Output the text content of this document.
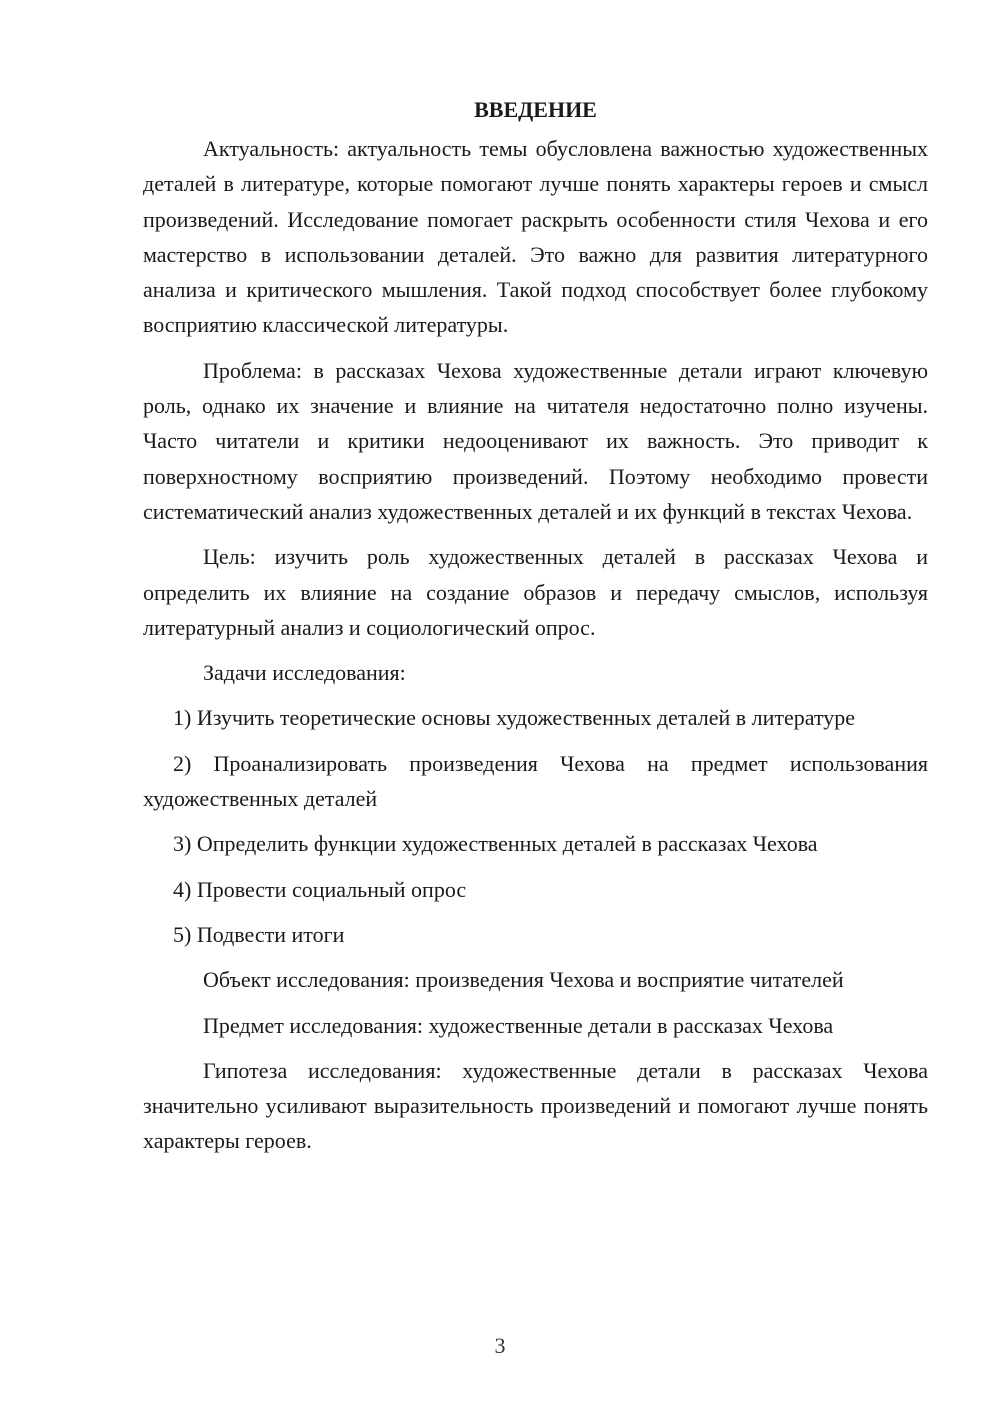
ВВЕДЕНИЕ

Актуальность: актуальность темы обусловлена важностью художественных деталей в литературе, которые помогают лучше понять характеры героев и смысл произведений. Исследование помогает раскрыть особенности стиля Чехова и его мастерство в использовании деталей. Это важно для развития литературного анализа и критического мышления. Такой подход способствует более глубокому восприятию классической литературы.

Проблема: в рассказах Чехова художественные детали играют ключевую роль, однако их значение и влияние на читателя недостаточно полно изучены. Часто читатели и критики недооценивают их важность. Это приводит к поверхностному восприятию произведений. Поэтому необходимо провести систематический анализ художественных деталей и их функций в текстах Чехова.

Цель: изучить роль художественных деталей в рассказах Чехова и определить их влияние на создание образов и передачу смыслов, используя литературный анализ и социологический опрос.

Задачи исследования:

1) Изучить теоретические основы художественных деталей в литературе

2) Проанализировать произведения Чехова на предмет использования художественных деталей

3) Определить функции художественных деталей в рассказах Чехова

4) Провести социальный опрос

5) Подвести итоги

Объект исследования: произведения Чехова и восприятие читателей

Предмет исследования: художественные детали в рассказах Чехова

Гипотеза исследования: художественные детали в рассказах Чехова значительно усиливают выразительность произведений и помогают лучше понять характеры героев.

3
